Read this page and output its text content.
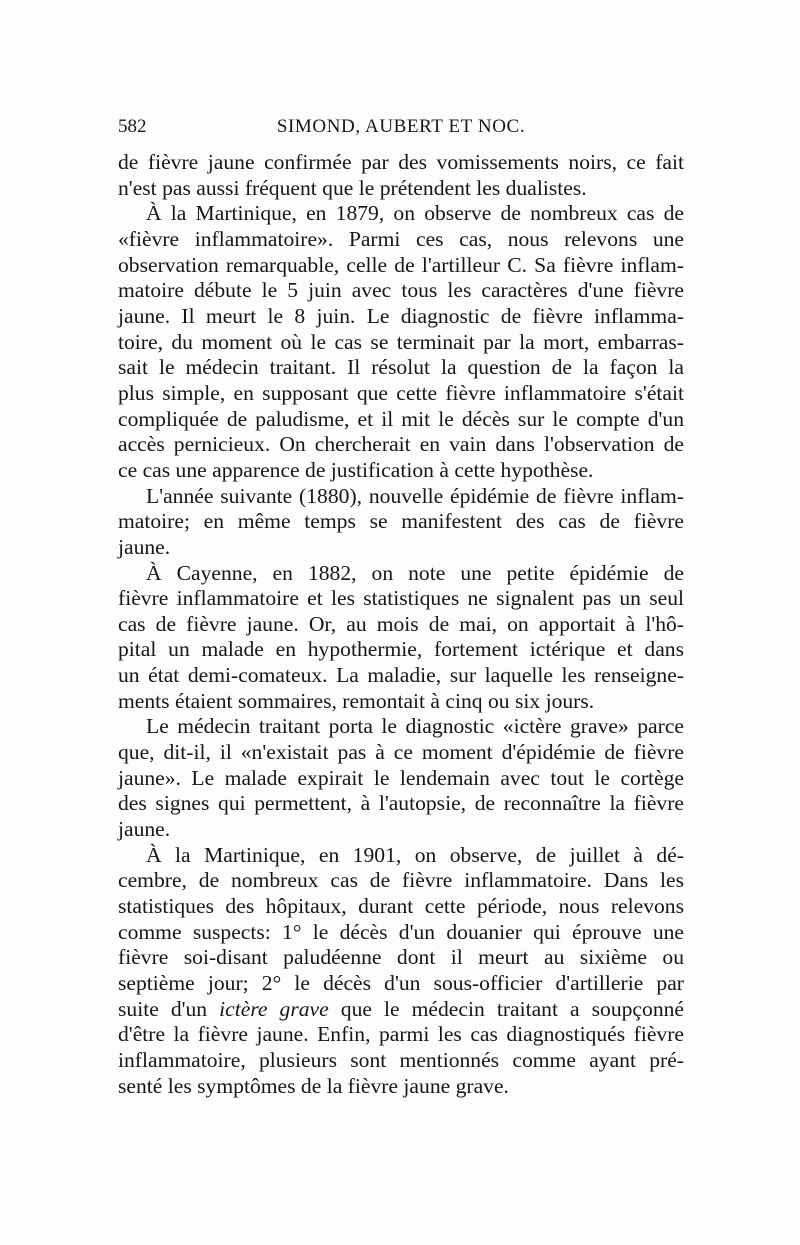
582	SIMOND, AUBERT ET NOC.

de fièvre jaune confirmée par des vomissements noirs, ce fait
n'est pas aussi fréquent que le prétendent les dualistes.

À la Martinique, en 1879, on observe de nombreux cas de
«fièvre inflammatoire». Parmi ces cas, nous relevons une
observation remarquable, celle de l'artilleur C. Sa fièvre inflam-
matoire débute le 5 juin avec tous les caractères d'une fièvre
jaune. Il meurt le 8 juin. Le diagnostic de fièvre inflamma-
toire, du moment où le cas se terminait par la mort, embarras-
sait le médecin traitant. Il résolut la question de la façon la
plus simple, en supposant que cette fièvre inflammatoire s'était
compliquée de paludisme, et il mit le décès sur le compte d'un
accès pernicieux. On chercherait en vain dans l'observation de
ce cas une apparence de justification à cette hypothèse.

L'année suivante (1880), nouvelle épidémie de fièvre inflam-
matoire; en même temps se manifestent des cas de fièvre
jaune.

À Cayenne, en 1882, on note une petite épidémie de
fièvre inflammatoire et les statistiques ne signalent pas un seul
cas de fièvre jaune. Or, au mois de mai, on apportait à l'hô-
pital un malade en hypothermie, fortement ictérique et dans
un état demi-comateux. La maladie, sur laquelle les renseigne-
ments étaient sommaires, remontait à cinq ou six jours.

Le médecin traitant porta le diagnostic «ictère grave» parce
que, dit-il, il «n'existait pas à ce moment d'épidémie de fièvre
jaune». Le malade expirait le lendemain avec tout le cortège
des signes qui permettent, à l'autopsie, de reconnaître la fièvre
jaune.

À la Martinique, en 1901, on observe, de juillet à dé-
cembre, de nombreux cas de fièvre inflammatoire. Dans les
statistiques des hôpitaux, durant cette période, nous relevons
comme suspects: 1° le décès d'un douanier qui éprouve une
fièvre soi-disant paludéenne dont il meurt au sixième ou
septième jour; 2° le décès d'un sous-officier d'artillerie par
suite d'un ictère grave que le médecin traitant a soupçonné
d'être la fièvre jaune. Enfin, parmi les cas diagnostiqués fièvre
inflammatoire, plusieurs sont mentionnés comme ayant pré-
senté les symptômes de la fièvre jaune grave.
